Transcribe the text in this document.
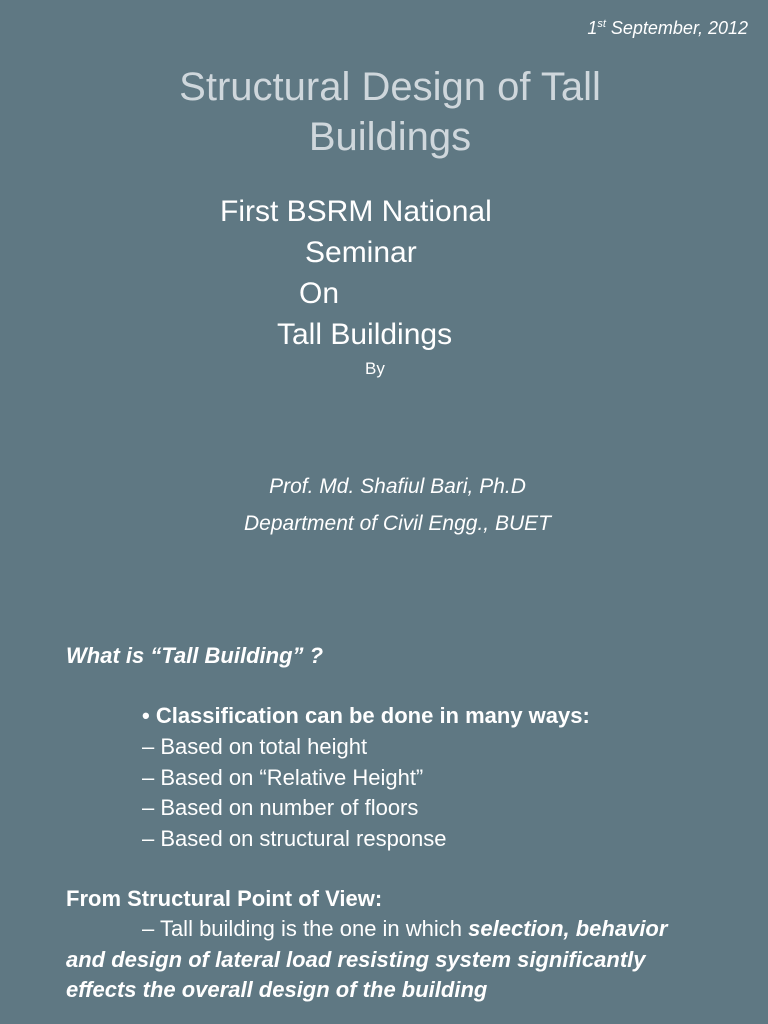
1st September, 2012
Structural Design of Tall
Buildings
First BSRM National
Seminar
On
Tall Buildings
By
Prof. Md. Shafiul Bari, Ph.D
Department of Civil Engg., BUET
What is “Tall Building” ?
• Classification can be done in many ways:
– Based on total height
– Based on “Relative Height”
– Based on number of floors
– Based on structural response
From Structural Point of View:
– Tall building is the one in which selection, behavior
and design of lateral load resisting system significantly
effects the overall design of the building
